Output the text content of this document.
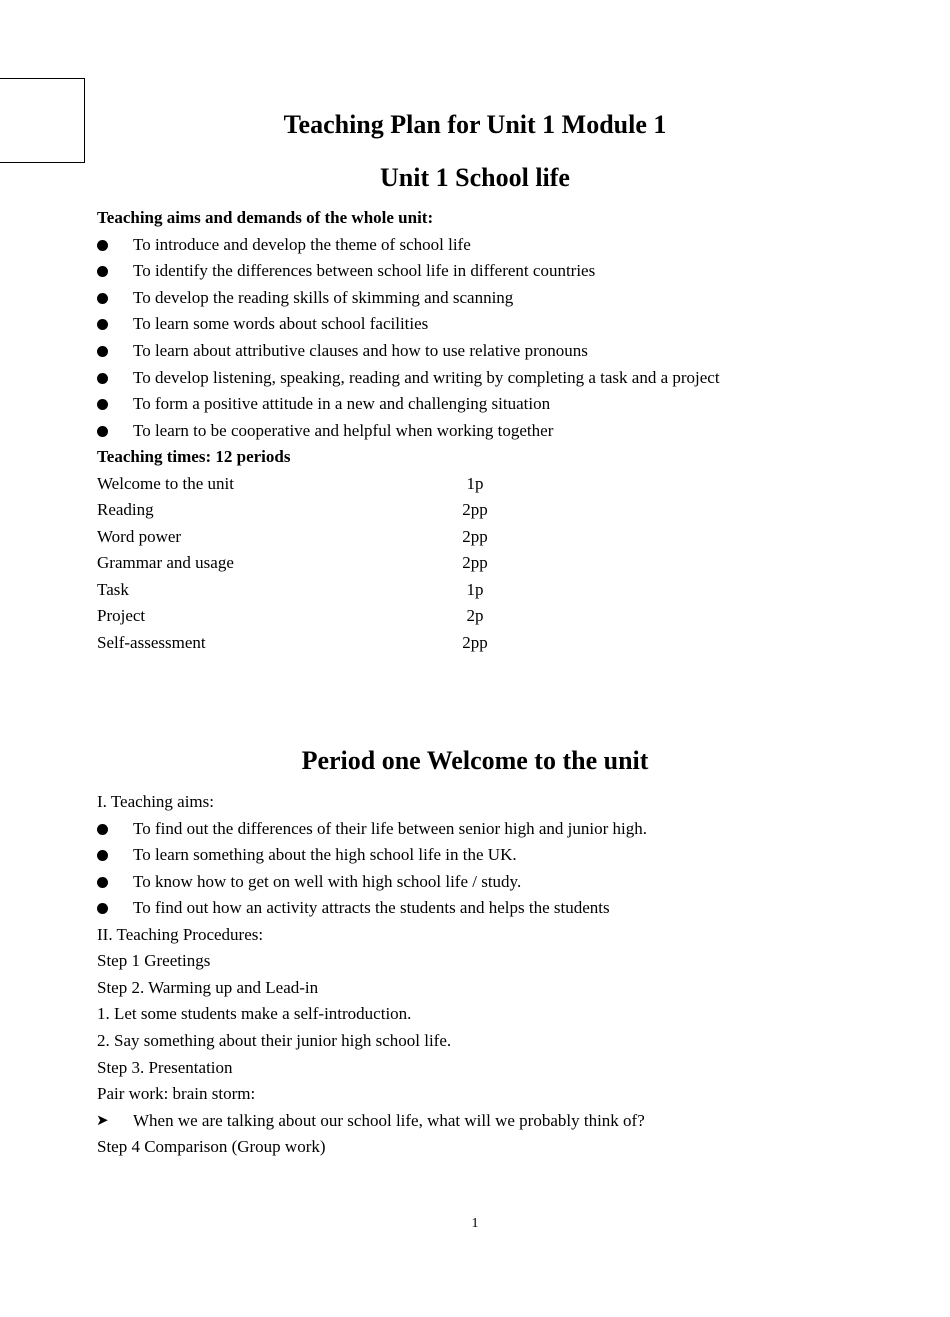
Teaching Plan for Unit 1 Module 1
Unit 1 School life
Teaching aims and demands of the whole unit:
To introduce and develop the theme of school life
To identify the differences between school life in different countries
To develop the reading skills of skimming and scanning
To learn some words about school facilities
To learn about attributive clauses and how to use relative pronouns
To develop listening, speaking, reading and writing by completing a task and a project
To form a positive attitude in a new and challenging situation
To learn to be cooperative and helpful when working together
Teaching times: 12 periods
Welcome to the unit	1p
Reading	2pp
Word power	2pp
Grammar and usage	2pp
Task	1p
Project	2p
Self-assessment	2pp
Period one Welcome to the unit
I. Teaching aims:
To find out the differences of their life between senior high and junior high.
To learn something about the high school life in the UK.
To know how to get on well with high school life / study.
To find out how an activity attracts the students and helps the students
II. Teaching Procedures:
Step 1 Greetings
Step 2. Warming up and Lead-in
1. Let some students make a self-introduction.
2. Say something about their junior high school life.
Step 3. Presentation
Pair work: brain storm:
➤ When we are talking about our school life, what will we probably think of?
Step 4 Comparison (Group work)
1
